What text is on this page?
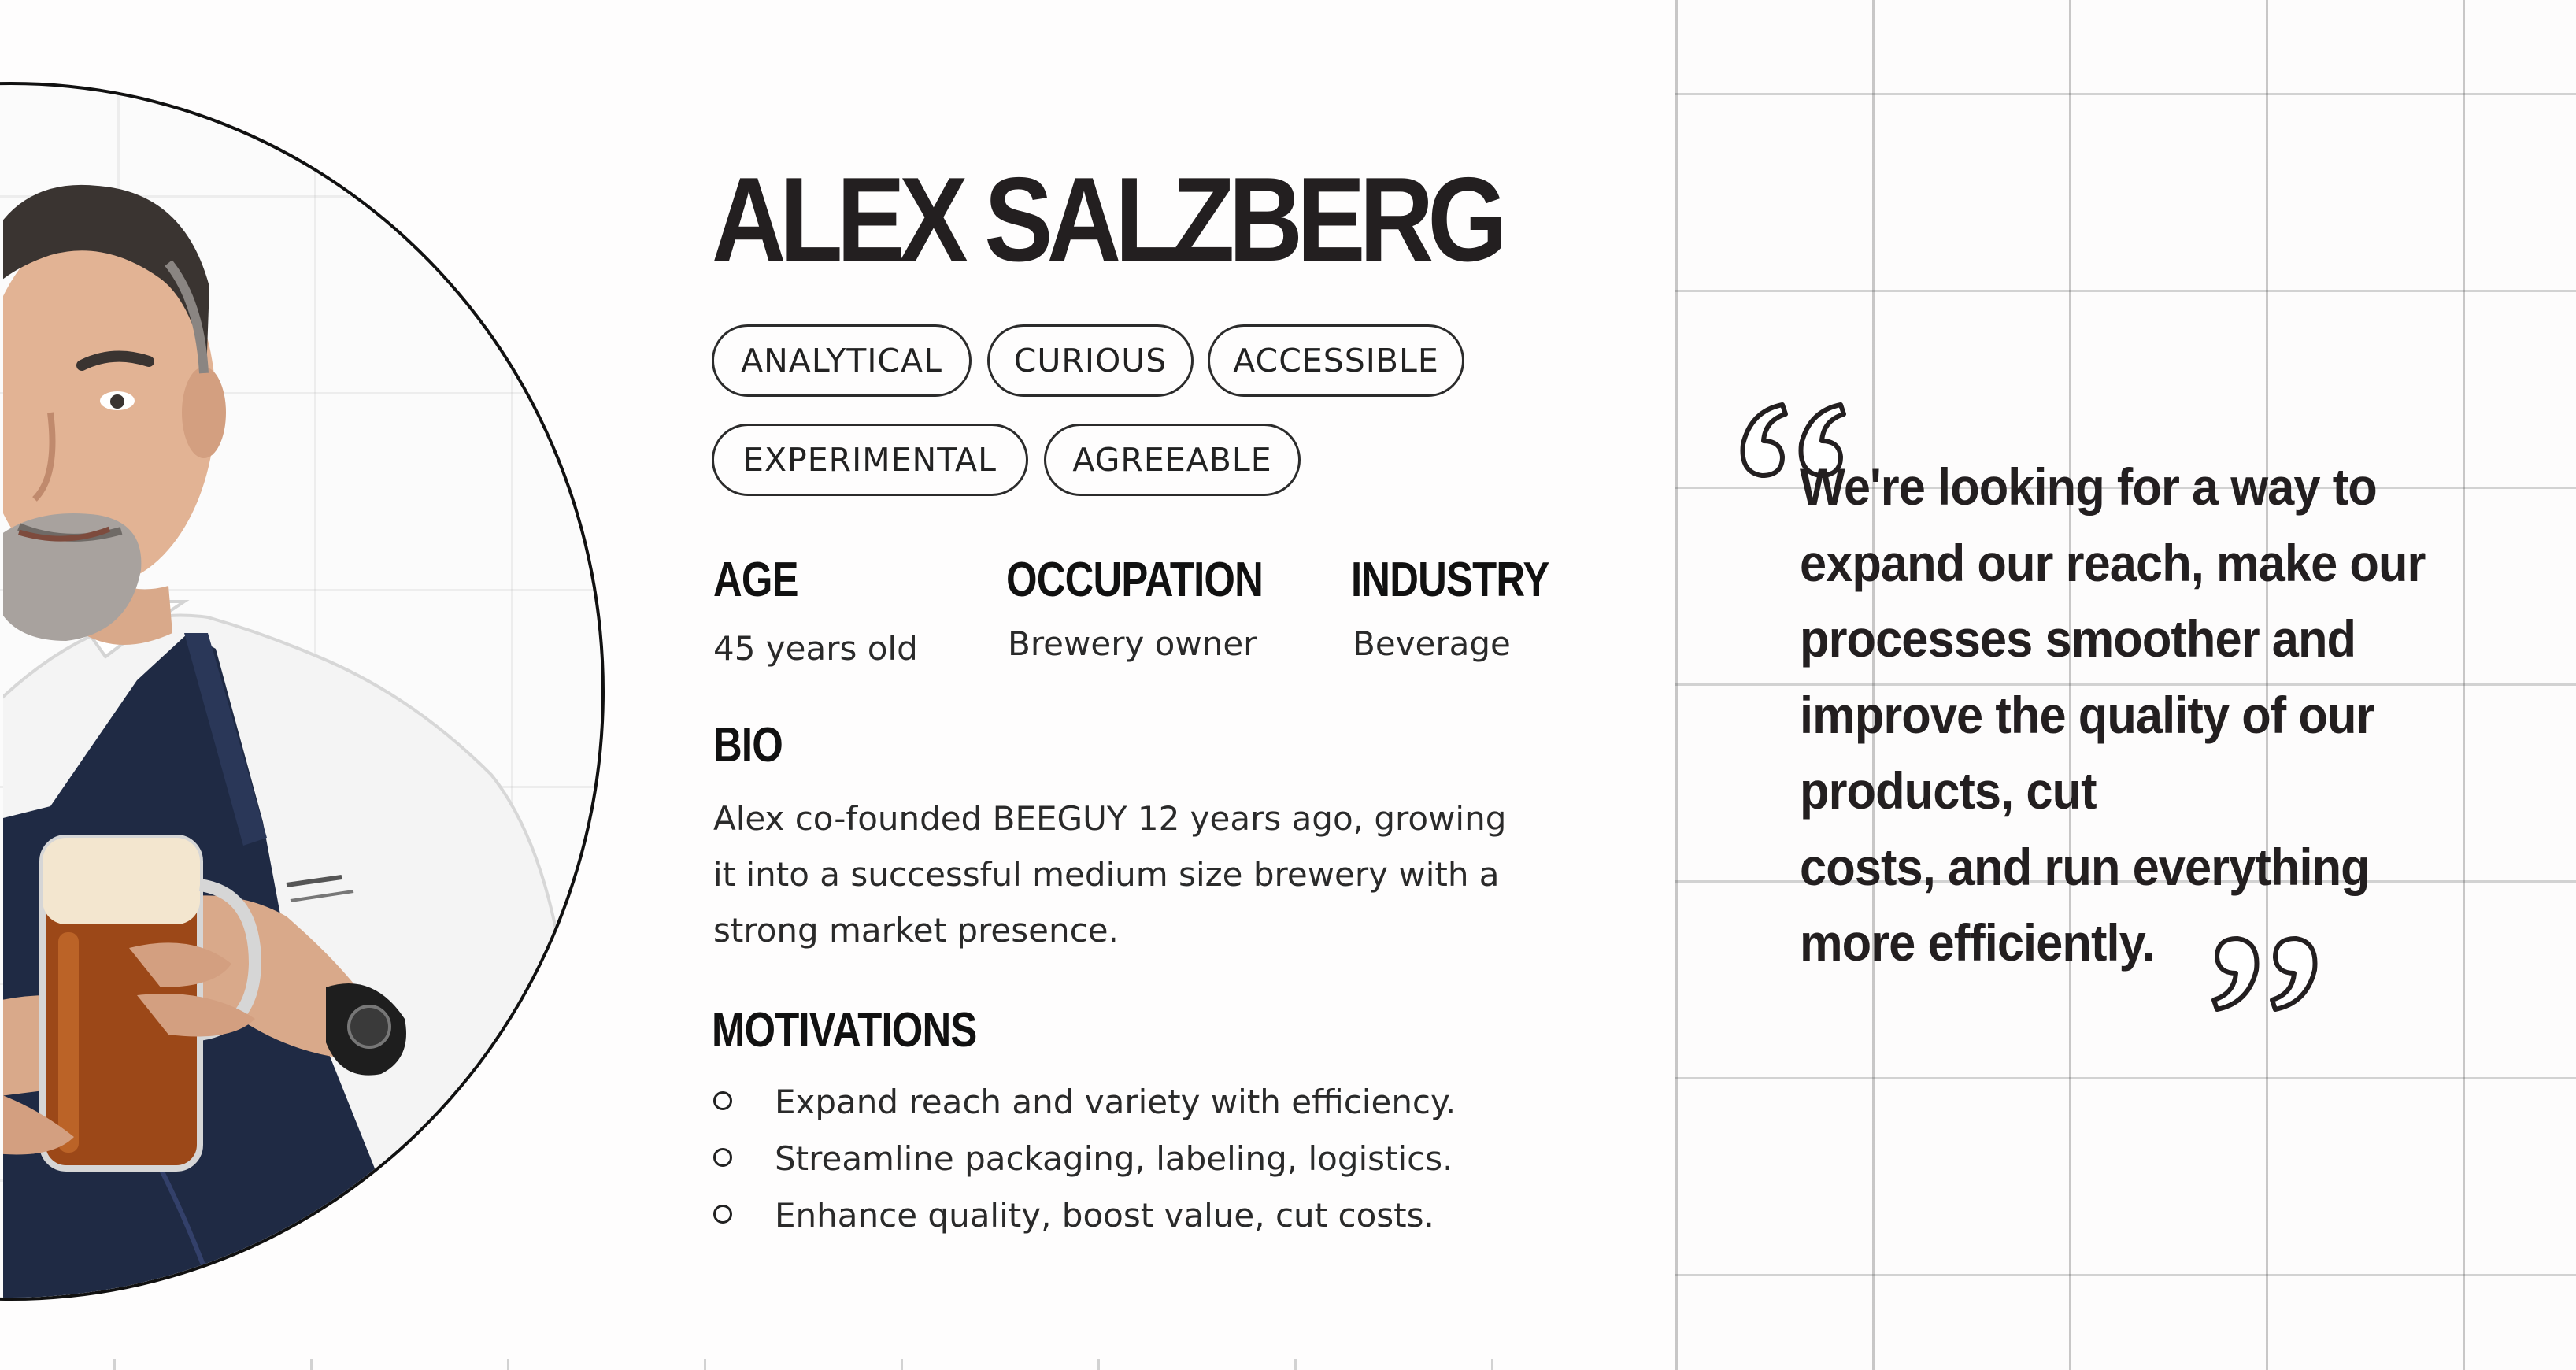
ALEX SALZBERG
ANALYTICAL	CURIOUS	ACCESSIBLE
EXPERIMENTAL	AGREEABLE
AGE
45 years old
OCCUPATION
Brewery owner
INDUSTRY
Beverage
BIO
Alex co-founded BEEGUY 12 years ago, growing it into a successful medium size brewery with a strong market presence.
MOTIVATIONS
Expand reach and variety with efficiency.
Streamline packaging, labeling, logistics.
Enhance quality, boost value, cut costs.

We're looking for a way to
expand our reach, make our
processes smoother and
improve the quality of our
products, cut
costs, and run everything
more efficiently.
